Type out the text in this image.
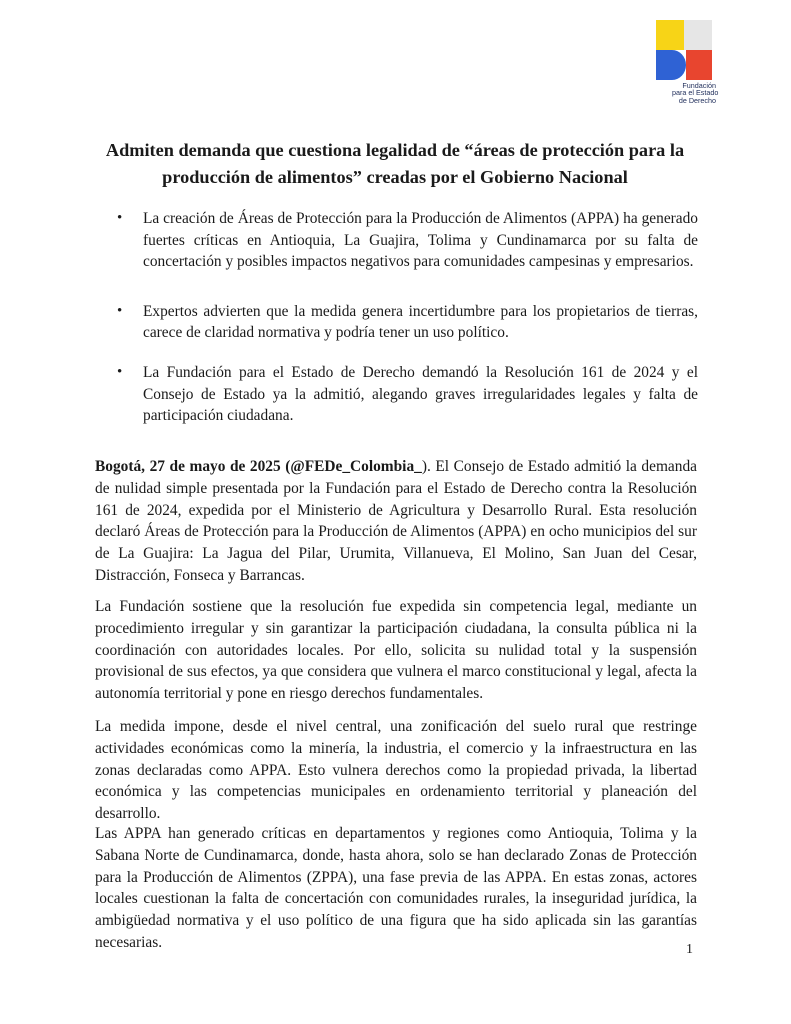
Fundación
para el Estado
de Derecho
Admiten demanda que cuestiona legalidad de “áreas de protección para la
producción de alimentos” creadas por el Gobierno Nacional
• La creación de Áreas de Protección para la Producción de Alimentos (APPA) ha generado fuertes críticas en Antioquia, La Guajira, Tolima y Cundinamarca por su falta de concertación y posibles impactos negativos para comunidades campesinas y empresarios.
• Expertos advierten que la medida genera incertidumbre para los propietarios de tierras, carece de claridad normativa y podría tener un uso político.
• La Fundación para el Estado de Derecho demandó la Resolución 161 de 2024 y el Consejo de Estado ya la admitió, alegando graves irregularidades legales y falta de participación ciudadana.

Bogotá, 27 de mayo de 2025 (@FEDe_Colombia_). El Consejo de Estado admitió la demanda de nulidad simple presentada por la Fundación para el Estado de Derecho contra la Resolución 161 de 2024, expedida por el Ministerio de Agricultura y Desarrollo Rural. Esta resolución declaró Áreas de Protección para la Producción de Alimentos (APPA) en ocho municipios del sur de La Guajira: La Jagua del Pilar, Urumita, Villanueva, El Molino, San Juan del Cesar, Distracción, Fonseca y Barrancas.

La Fundación sostiene que la resolución fue expedida sin competencia legal, mediante un procedimiento irregular y sin garantizar la participación ciudadana, la consulta pública ni la coordinación con autoridades locales. Por ello, solicita su nulidad total y la suspensión provisional de sus efectos, ya que considera que vulnera el marco constitucional y legal, afecta la autonomía territorial y pone en riesgo derechos fundamentales.

La medida impone, desde el nivel central, una zonificación del suelo rural que restringe actividades económicas como la minería, la industria, el comercio y la infraestructura en las zonas declaradas como APPA. Esto vulnera derechos como la propiedad privada, la libertad económica y las competencias municipales en ordenamiento territorial y planeación del desarrollo.

Las APPA han generado críticas en departamentos y regiones como Antioquia, Tolima y la Sabana Norte de Cundinamarca, donde, hasta ahora, solo se han declarado Zonas de Protección para la Producción de Alimentos (ZPPA), una fase previa de las APPA. En estas zonas, actores locales cuestionan la falta de concertación con comunidades rurales, la inseguridad jurídica, la ambigüedad normativa y el uso político de una figura que ha sido aplicada sin las garantías necesarias.	1
